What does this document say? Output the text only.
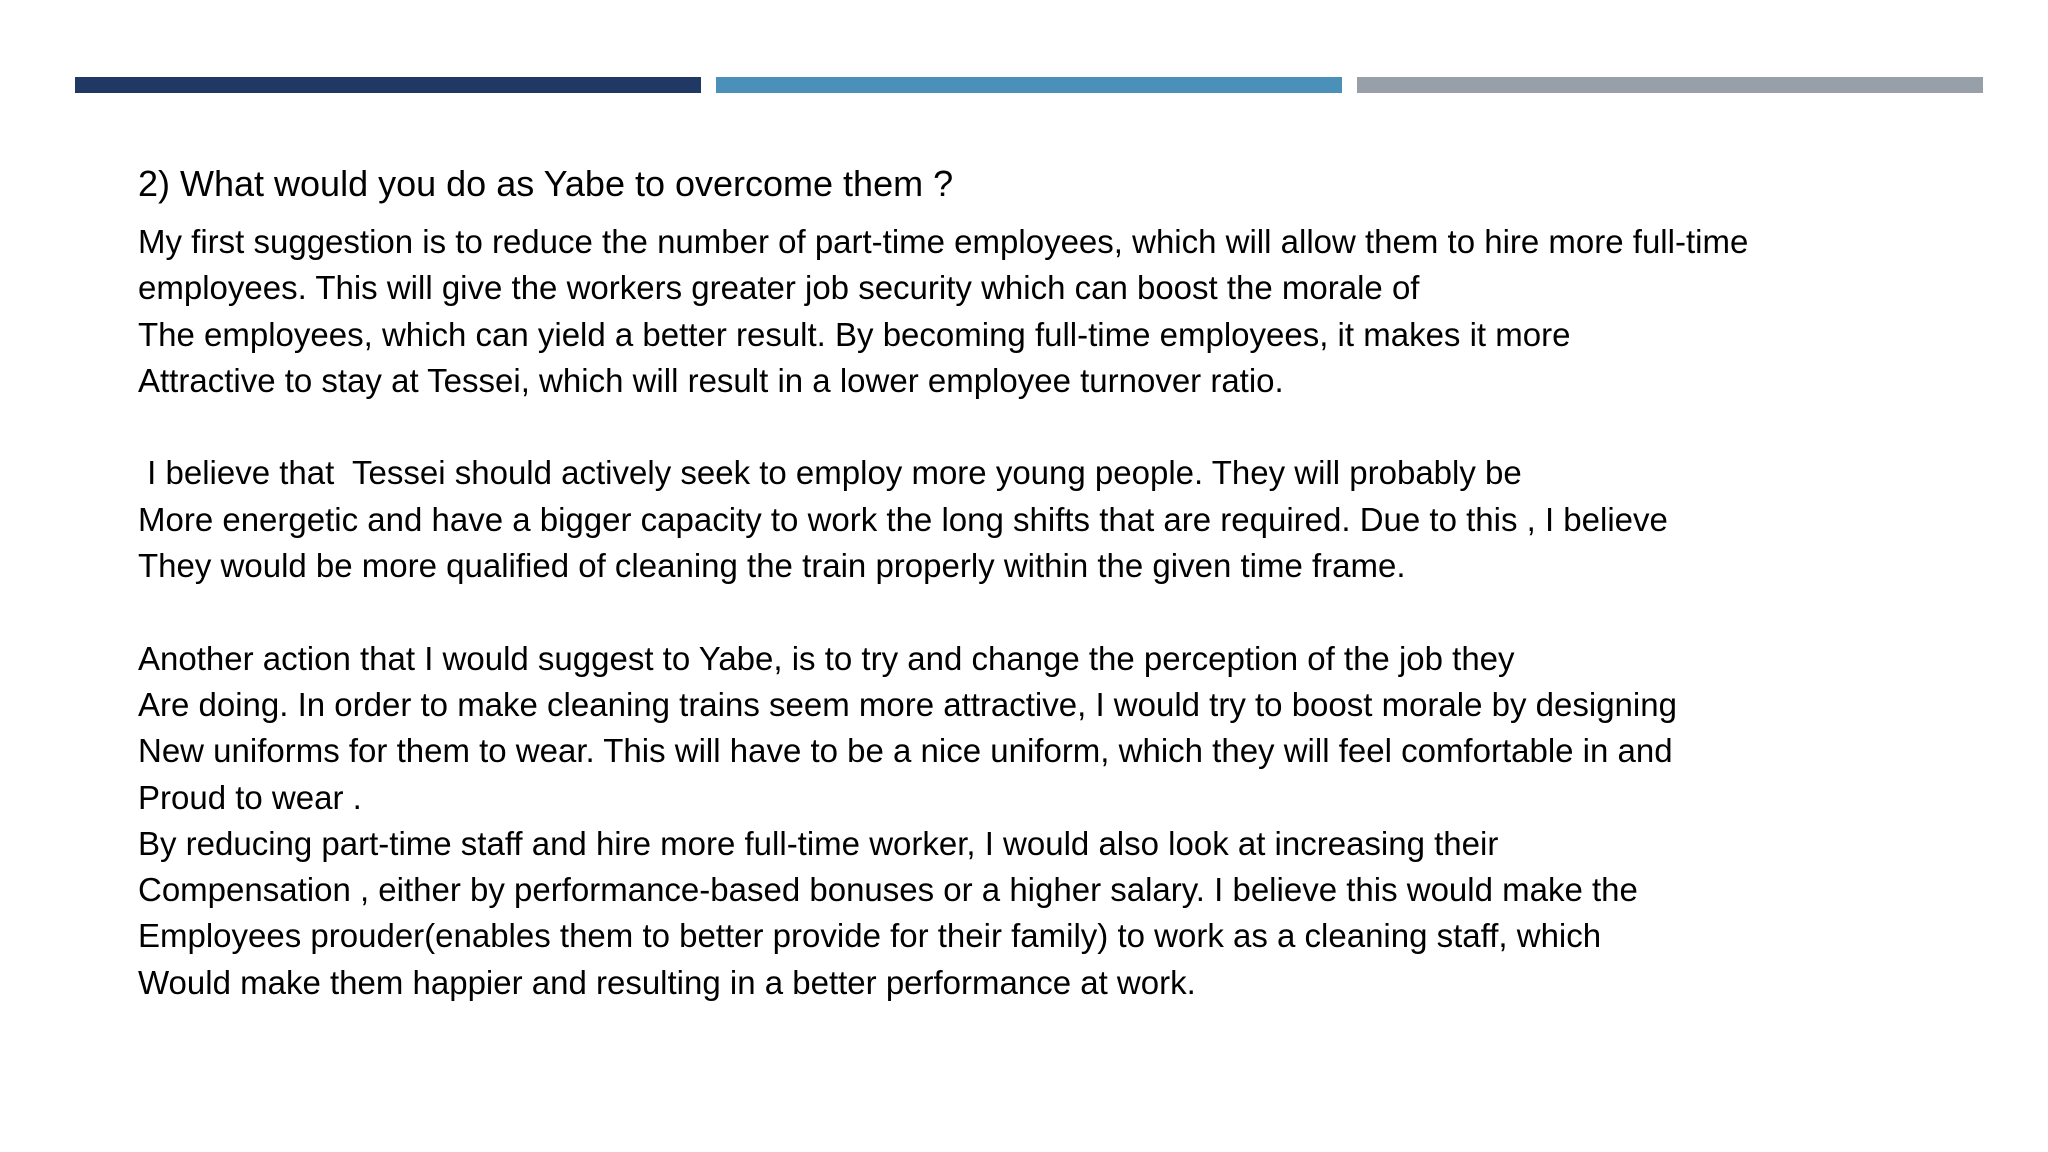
2) What would you do as Yabe to overcome them ?
My first suggestion is to reduce the number of part-time employees, which will allow them to hire more full-time
employees. This will give the workers greater job security which can boost the morale of
The employees, which can yield a better result. By becoming full-time employees, it makes it more
Attractive to stay at Tessei, which will result in a lower employee turnover ratio.
I believe that  Tessei should actively seek to employ more young people. They will probably be
More energetic and have a bigger capacity to work the long shifts that are required. Due to this , I believe
They would be more qualified of cleaning the train properly within the given time frame.
Another action that I would suggest to Yabe, is to try and change the perception of the job they
Are doing. In order to make cleaning trains seem more attractive, I would try to boost morale by designing
New uniforms for them to wear. This will have to be a nice uniform, which they will feel comfortable in and
Proud to wear .
By reducing part-time staff and hire more full-time worker, I would also look at increasing their
Compensation , either by performance-based bonuses or a higher salary. I believe this would make the
Employees prouder(enables them to better provide for their family) to work as a cleaning staff, which
Would make them happier and resulting in a better performance at work.
